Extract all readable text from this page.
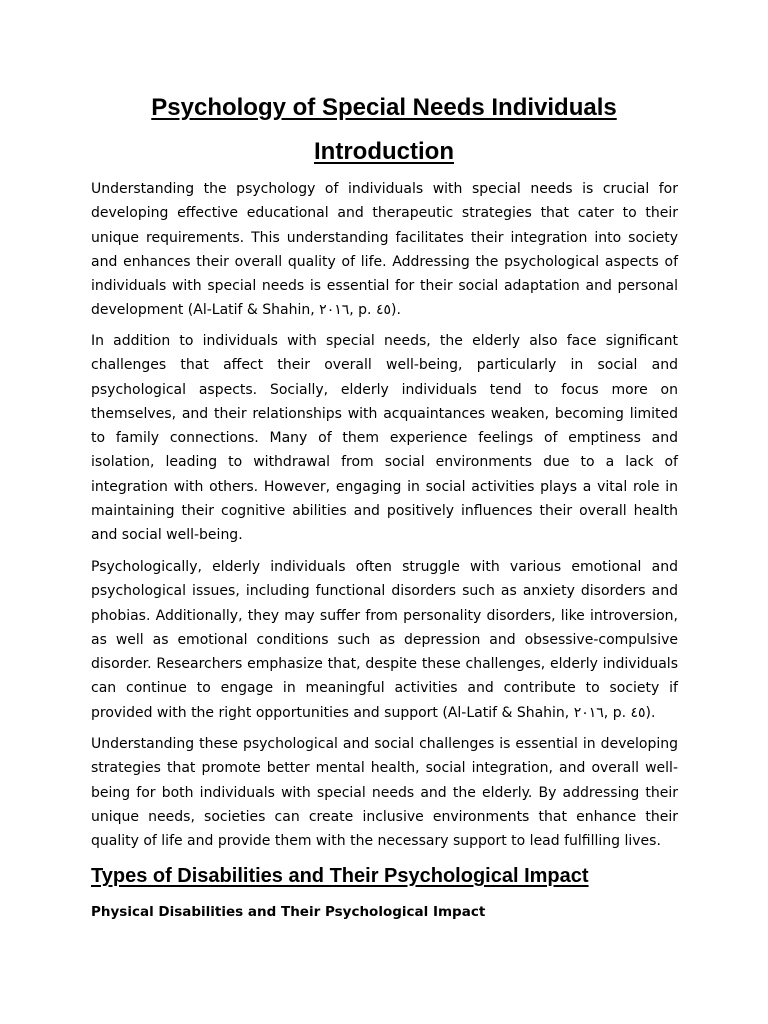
Psychology of Special Needs Individuals
Introduction

Understanding the psychology of individuals with special needs is crucial for developing effective educational and therapeutic strategies that cater to their unique requirements. This understanding facilitates their integration into society and enhances their overall quality of life. Addressing the psychological aspects of individuals with special needs is essential for their social adaptation and personal development (Al-Latif & Shahin, ٢٠١٦, p. ٤٥).

In addition to individuals with special needs, the elderly also face significant challenges that affect their overall well-being, particularly in social and psychological aspects. Socially, elderly individuals tend to focus more on themselves, and their relationships with acquaintances weaken, becoming limited to family connections. Many of them experience feelings of emptiness and isolation, leading to withdrawal from social environments due to a lack of integration with others. However, engaging in social activities plays a vital role in maintaining their cognitive abilities and positively influences their overall health and social well-being.

Psychologically, elderly individuals often struggle with various emotional and psychological issues, including functional disorders such as anxiety disorders and phobias. Additionally, they may suffer from personality disorders, like introversion, as well as emotional conditions such as depression and obsessive-compulsive disorder. Researchers emphasize that, despite these challenges, elderly individuals can continue to engage in meaningful activities and contribute to society if provided with the right opportunities and support (Al-Latif & Shahin, ٢٠١٦, p. ٤٥).

Understanding these psychological and social challenges is essential in developing strategies that promote better mental health, social integration, and overall well-being for both individuals with special needs and the elderly. By addressing their unique needs, societies can create inclusive environments that enhance their quality of life and provide them with the necessary support to lead fulfilling lives.

Types of Disabilities and Their Psychological Impact
Physical Disabilities and Their Psychological Impact
